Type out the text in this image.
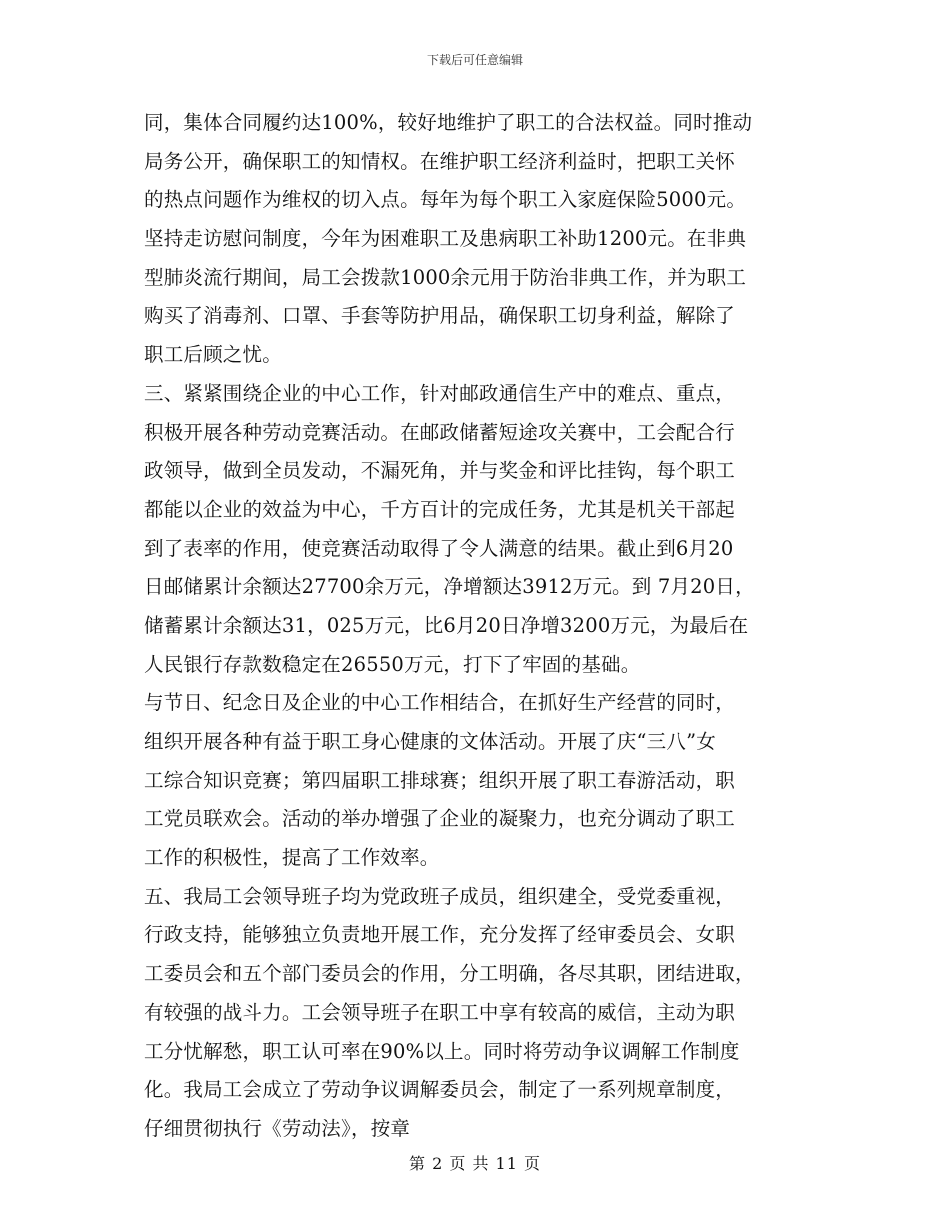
下载后可任意编辑
同，集体合同履约达100%，较好地维护了职工的合法权益。同时推动
局务公开，确保职工的知情权。在维护职工经济利益时，把职工关怀
的热点问题作为维权的切入点。每年为每个职工入家庭保险5000元。
坚持走访慰问制度，今年为困难职工及患病职工补助1200元。在非典
型肺炎流行期间，局工会拨款1000余元用于防治非典工作，并为职工
购买了消毒剂、口罩、手套等防护用品，确保职工切身利益，解除了
职工后顾之忧。
三、紧紧围绕企业的中心工作，针对邮政通信生产中的难点、重点，
积极开展各种劳动竞赛活动。在邮政储蓄短途攻关赛中，工会配合行
政领导，做到全员发动，不漏死角，并与奖金和评比挂钩，每个职工
都能以企业的效益为中心，千方百计的完成任务，尤其是机关干部起
到了表率的作用，使竞赛活动取得了令人满意的结果。截止到6月20
日邮储累计余额达27700余万元，净增额达3912万元。到 7月20日，
储蓄累计余额达31，025万元，比6月20日净增3200万元，为最后在
人民银行存款数稳定在26550万元，打下了牢固的基础。
与节日、纪念日及企业的中心工作相结合，在抓好生产经营的同时，
组织开展各种有益于职工身心健康的文体活动。开展了庆“三八”女
工综合知识竞赛；第四届职工排球赛；组织开展了职工春游活动，职
工党员联欢会。活动的举办增强了企业的凝聚力，也充分调动了职工
工作的积极性，提高了工作效率。
五、我局工会领导班子均为党政班子成员，组织建全，受党委重视，
行政支持，能够独立负责地开展工作，充分发挥了经审委员会、女职
工委员会和五个部门委员会的作用，分工明确，各尽其职，团结进取，
有较强的战斗力。工会领导班子在职工中享有较高的威信，主动为职
工分忧解愁，职工认可率在90%以上。同时将劳动争议调解工作制度
化。我局工会成立了劳动争议调解委员会，制定了一系列规章制度，
仔细贯彻执行《劳动法》，按章
第 2 页 共 11 页
